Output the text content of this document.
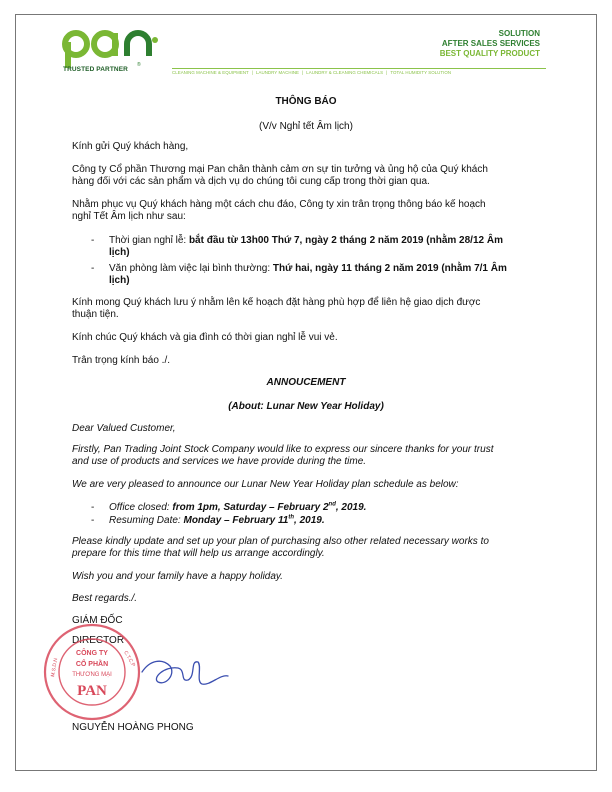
TRUSTED PARTNER
®
SOLUTION
AFTER SALES SERVICES
BEST QUALITY PRODUCT
CLEANING MACHINE & EQUIPMENT | LAUNDRY MACHINE | LAUNDRY & CLEANING CHEMICALS | TOTAL HUMIDITY SOLUTION
THÔNG BÁO
(V/v Nghỉ tết Âm lịch)
Kính gửi Quý khách hàng,
Công ty Cổ phần Thương mại Pan chân thành cảm ơn sự tin tưởng và ủng hộ của Quý khách
hàng đối với các sản phẩm và dịch vụ do chúng tôi cung cấp trong thời gian qua.
Nhằm phục vụ Quý khách hàng một cách chu đáo, Công ty xin trân trọng thông báo kế hoạch
nghỉ Tết Âm lịch như sau:
- Thời gian nghỉ lễ: bắt đầu từ 13h00 Thứ 7, ngày 2 tháng 2 năm 2019 (nhằm 28/12 Âm
lịch)
- Văn phòng làm việc lại bình thường: Thứ hai, ngày 11 tháng 2 năm 2019 (nhằm 7/1 Âm
lịch)
Kính mong Quý khách lưu ý nhằm lên kế hoạch đặt hàng phù hợp để liên hệ giao dịch được
thuận tiện.
Kính chúc Quý khách và gia đình có thời gian nghỉ lễ vui vẻ.
Trân trọng kính báo ./.
ANNOUCEMENT
(About: Lunar New Year Holiday)
Dear Valued Customer,
Firstly, Pan Trading Joint Stock Company would like to express our sincere thanks for your trust
and use of products and services we have provide during the time.
We are very pleased to announce our Lunar New Year Holiday plan schedule as below:
- Office closed: from 1pm, Saturday – February 2nd, 2019.
- Resuming Date: Monday – February 11th, 2019.
Please kindly update and set up your plan of purchasing also other related necessary works to
prepare for this time that will help us arrange accordingly.
Wish you and your family have a happy holiday.
Best regards./.
GIÁM ĐỐC
DIRECTOR
CÔNG TY
CỔ PHẦN
THƯƠNG MẠI
PAN
M.S.D.N	C.T.C.P
NGUYỄN HOÀNG PHONG
